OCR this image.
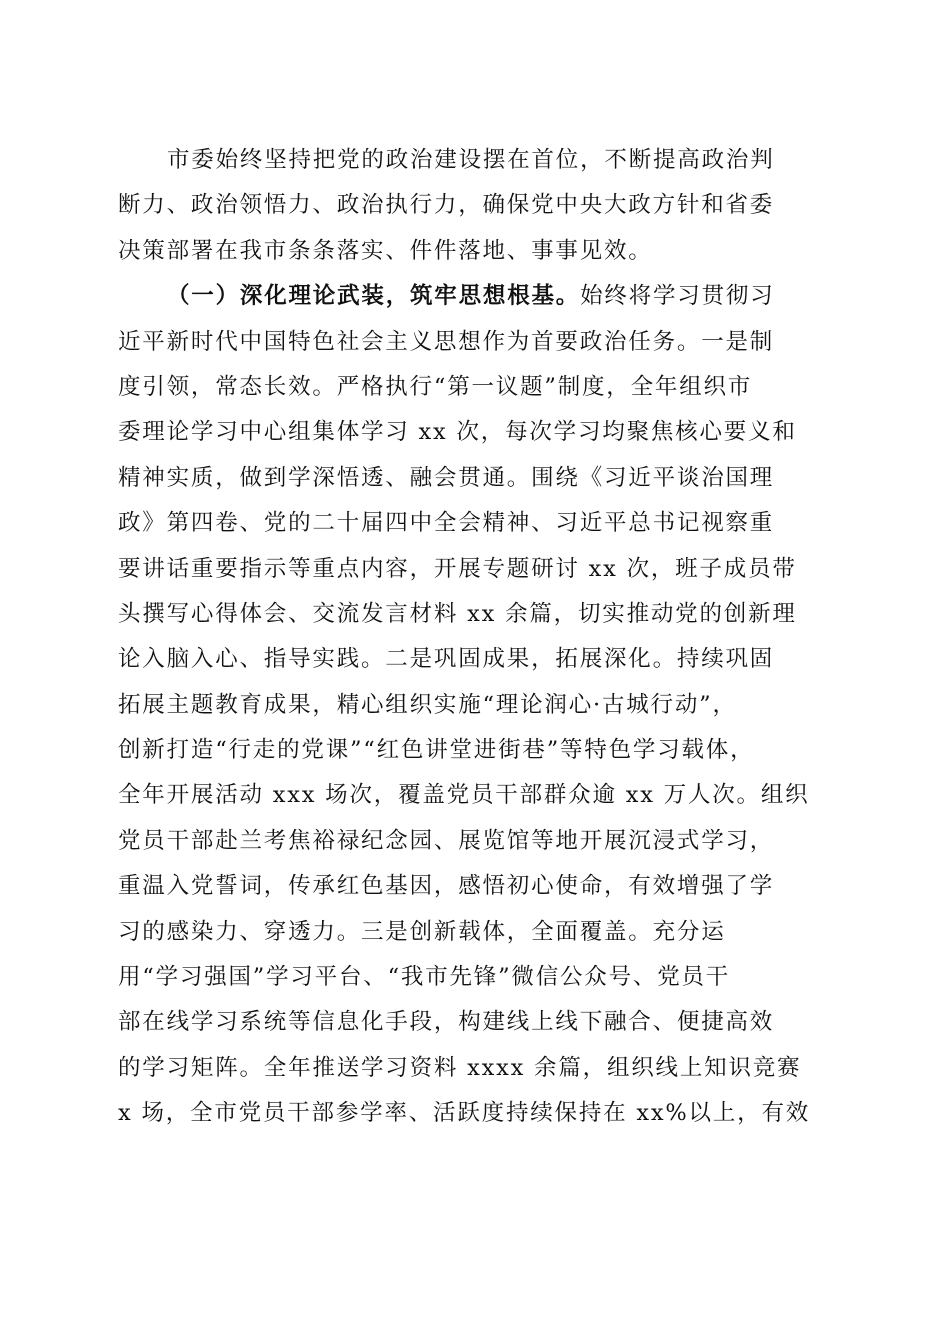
市委始终坚持把党的政治建设摆在首位，不断提高政治判
断力、政治领悟力、政治执行力，确保党中央大政方针和省委
决策部署在我市条条落实、件件落地、事事见效。
（一）深化理论武装，筑牢思想根基。始终将学习贯彻习
近平新时代中国特色社会主义思想作为首要政治任务。一是制
度引领，常态长效。严格执行“第一议题”制度，全年组织市
委理论学习中心组集体学习 xx 次，每次学习均聚焦核心要义和
精神实质，做到学深悟透、融会贯通。围绕《习近平谈治国理
政》第四卷、党的二十届四中全会精神、习近平总书记视察重
要讲话重要指示等重点内容，开展专题研讨 xx 次，班子成员带
头撰写心得体会、交流发言材料 xx 余篇，切实推动党的创新理
论入脑入心、指导实践。二是巩固成果，拓展深化。持续巩固
拓展主题教育成果，精心组织实施“理论润心·古城行动”，
创新打造“行走的党课”“红色讲堂进街巷”等特色学习载体，
全年开展活动 xxx 场次，覆盖党员干部群众逾 xx 万人次。组织
党员干部赴兰考焦裕禄纪念园、展览馆等地开展沉浸式学习，
重温入党誓词，传承红色基因，感悟初心使命，有效增强了学
习的感染力、穿透力。三是创新载体，全面覆盖。充分运
用“学习强国”学习平台、“我市先锋”微信公众号、党员干
部在线学习系统等信息化手段，构建线上线下融合、便捷高效
的学习矩阵。全年推送学习资料 xxxx 余篇，组织线上知识竞赛
x 场，全市党员干部参学率、活跃度持续保持在 xx%以上，有效
